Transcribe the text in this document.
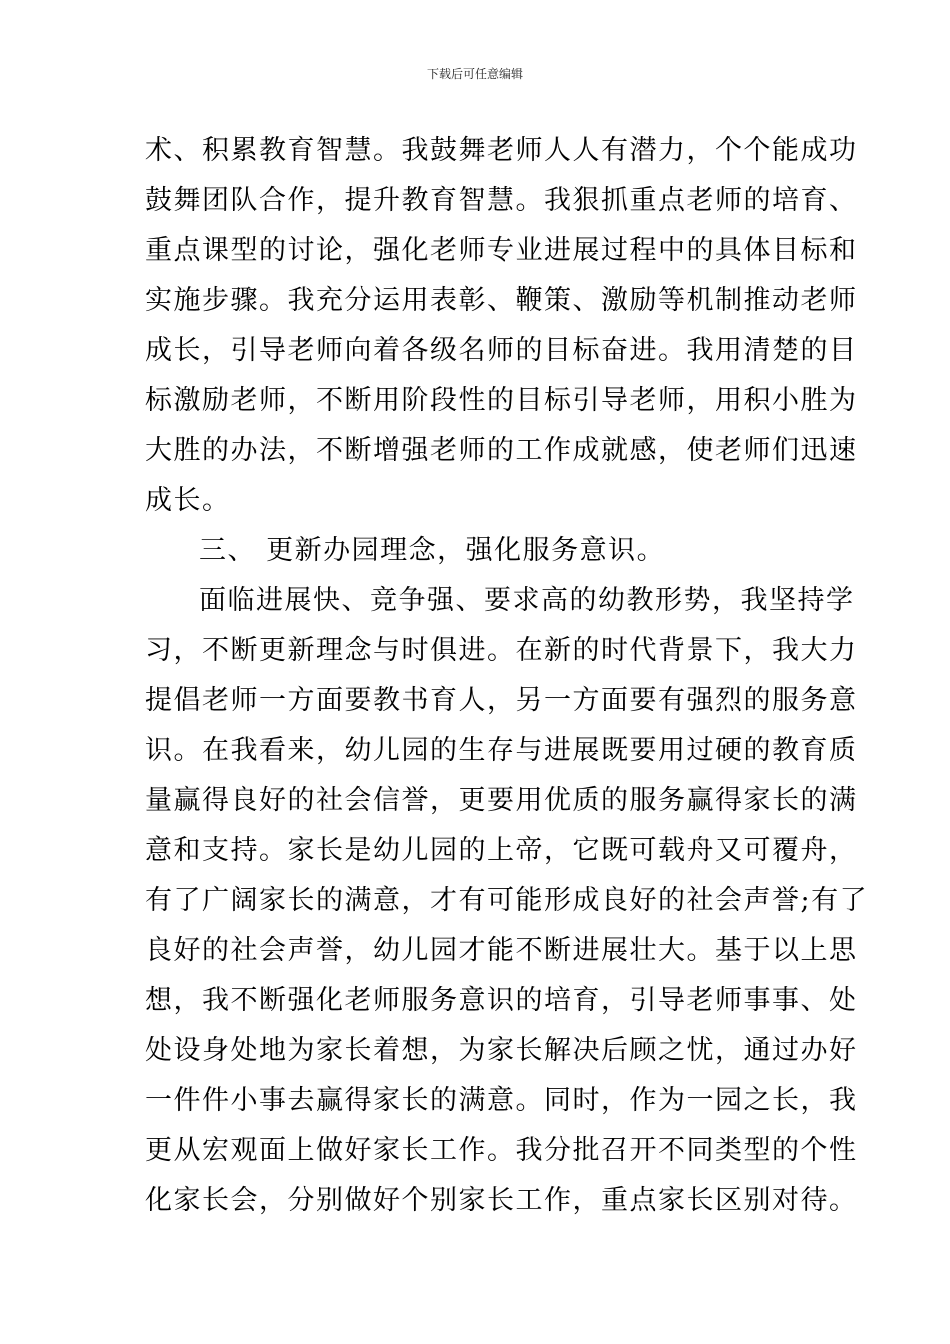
下载后可任意编辑
术、积累教育智慧。我鼓舞老师人人有潜力，个个能成功
鼓舞团队合作，提升教育智慧。我狠抓重点老师的培育、
重点课型的讨论，强化老师专业进展过程中的具体目标和
实施步骤。我充分运用表彰、鞭策、激励等机制推动老师
成长，引导老师向着各级名师的目标奋进。我用清楚的目
标激励老师，不断用阶段性的目标引导老师，用积小胜为
大胜的办法，不断增强老师的工作成就感，使老师们迅速
成长。
三、 更新办园理念，强化服务意识。
面临进展快、竞争强、要求高的幼教形势，我坚持学
习，不断更新理念与时俱进。在新的时代背景下，我大力
提倡老师一方面要教书育人，另一方面要有强烈的服务意
识。在我看来，幼儿园的生存与进展既要用过硬的教育质
量赢得良好的社会信誉，更要用优质的服务赢得家长的满
意和支持。家长是幼儿园的上帝，它既可载舟又可覆舟，
有了广阔家长的满意，才有可能形成良好的社会声誉;有了
良好的社会声誉，幼儿园才能不断进展壮大。基于以上思
想，我不断强化老师服务意识的培育，引导老师事事、处
处设身处地为家长着想，为家长解决后顾之忧，通过办好
一件件小事去赢得家长的满意。同时，作为一园之长，我
更从宏观面上做好家长工作。我分批召开不同类型的个性
化家长会，分别做好个别家长工作，重点家长区别对待。
